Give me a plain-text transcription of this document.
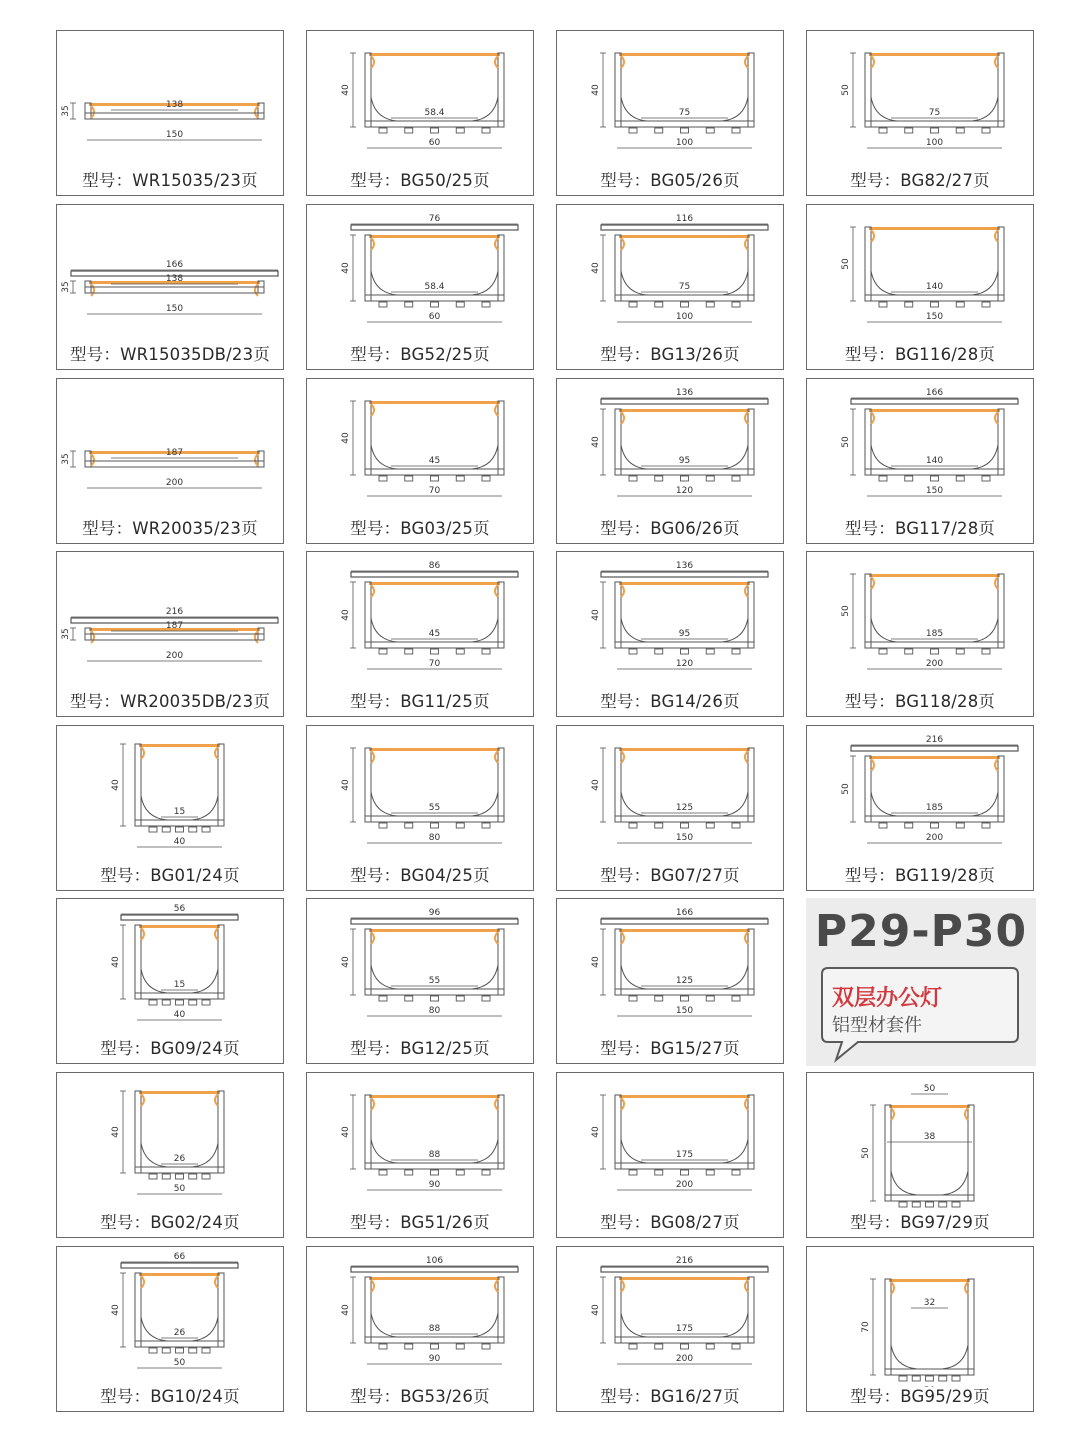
35
138
150
型号：WR15035/23页
40
58.4
60
型号：BG50/25页
40
75
100
型号：BG05/26页
50
75
100
型号：BG82/27页
35
166
138
150
型号：WR15035DB/23页
40
76
58.4
60
型号：BG52/25页
40
116
75
100
型号：BG13/26页
50
140
150
型号：BG116/28页
35
187
200
型号：WR20035/23页
40
45
70
型号：BG03/25页
40
136
95
120
型号：BG06/26页
50
166
140
150
型号：BG117/28页
35
216
187
200
型号：WR20035DB/23页
40
86
45
70
型号：BG11/25页
40
136
95
120
型号：BG14/26页
50
185
200
型号：BG118/28页
40
15
40
型号：BG01/24页
40
55
80
型号：BG04/25页
40
125
150
型号：BG07/27页
50
216
185
200
型号：BG119/28页
40
56
15
40
型号：BG09/24页
40
96
55
80
型号：BG12/25页
40
166
125
150
型号：BG15/27页
40
26
50
型号：BG02/24页
40
88
90
型号：BG51/26页
40
175
200
型号：BG08/27页
50
50
38
型号：BG97/29页
40
66
26
50
型号：BG10/24页
40
106
88
90
型号：BG53/26页
40
216
175
200
型号：BG16/27页
70
32
型号：BG95/29页
P29-P30
双层办公灯
铝型材套件
